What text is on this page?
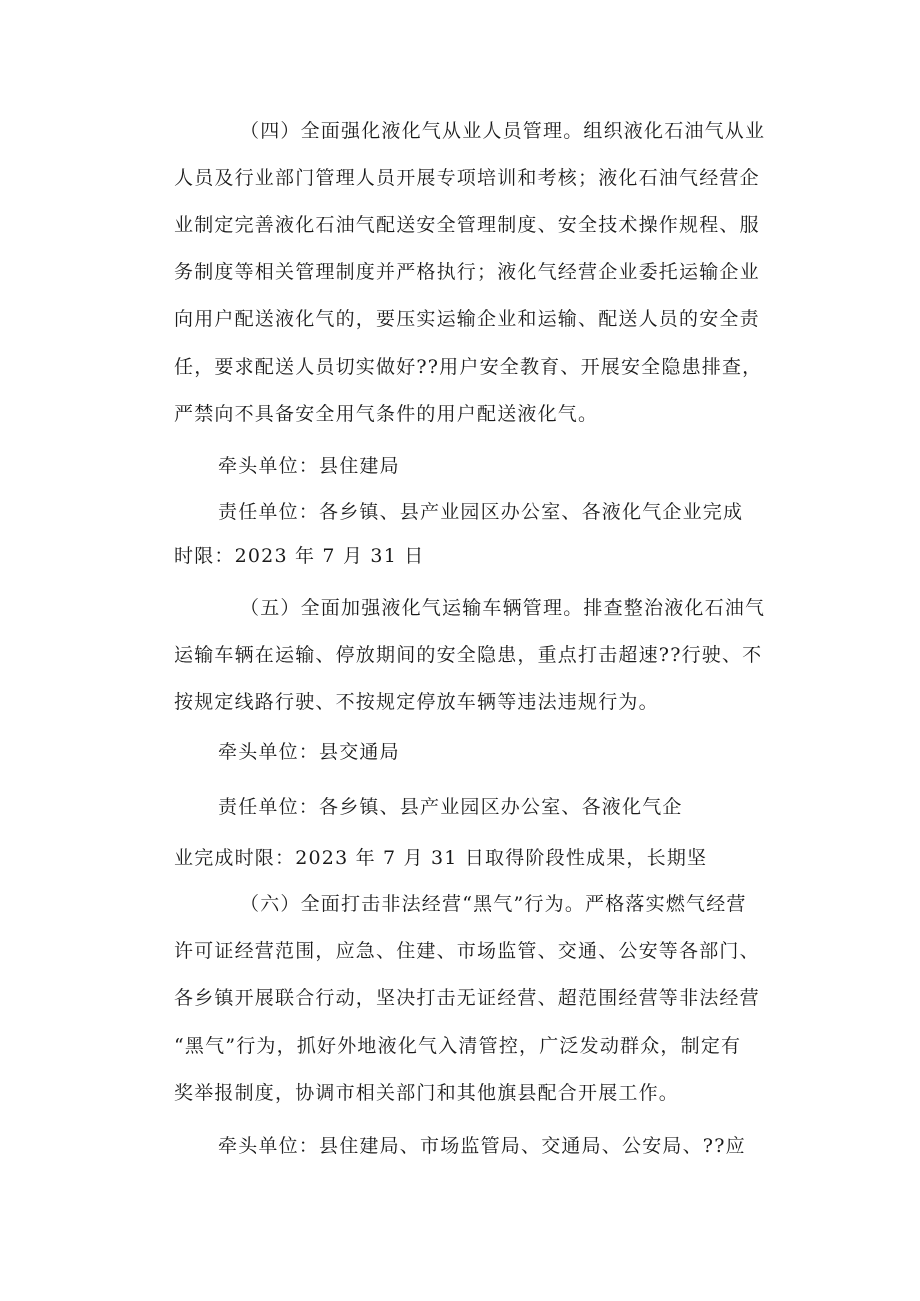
（四）全面强化液化气从业人员管理。组织液化石油气从业
人员及行业部门管理人员开展专项培训和考核；液化石油气经营企
业制定完善液化石油气配送安全管理制度、安全技术操作规程、服
务制度等相关管理制度并严格执行；液化气经营企业委托运输企业
向用户配送液化气的，要压实运输企业和运输、配送人员的安全责
任，要求配送人员切实做好??用户安全教育、开展安全隐患排查，
严禁向不具备安全用气条件的用户配送液化气。
牵头单位：县住建局
责任单位：各乡镇、县产业园区办公室、各液化气企业完成
时限：2023 年 7 月 31 日
（五）全面加强液化气运输车辆管理。排查整治液化石油气
运输车辆在运输、停放期间的安全隐患，重点打击超速??行驶、不
按规定线路行驶、不按规定停放车辆等违法违规行为。
牵头单位：县交通局
责任单位：各乡镇、县产业园区办公室、各液化气企
业完成时限：2023 年 7 月 31 日取得阶段性成果，长期坚
（六）全面打击非法经营“黑气”行为。严格落实燃气经营
许可证经营范围，应急、住建、市场监管、交通、公安等各部门、
各乡镇开展联合行动，坚决打击无证经营、超范围经营等非法经营
“黑气”行为，抓好外地液化气入清管控，广泛发动群众，制定有
奖举报制度，协调市相关部门和其他旗县配合开展工作。
牵头单位：县住建局、市场监管局、交通局、公安局、??应
